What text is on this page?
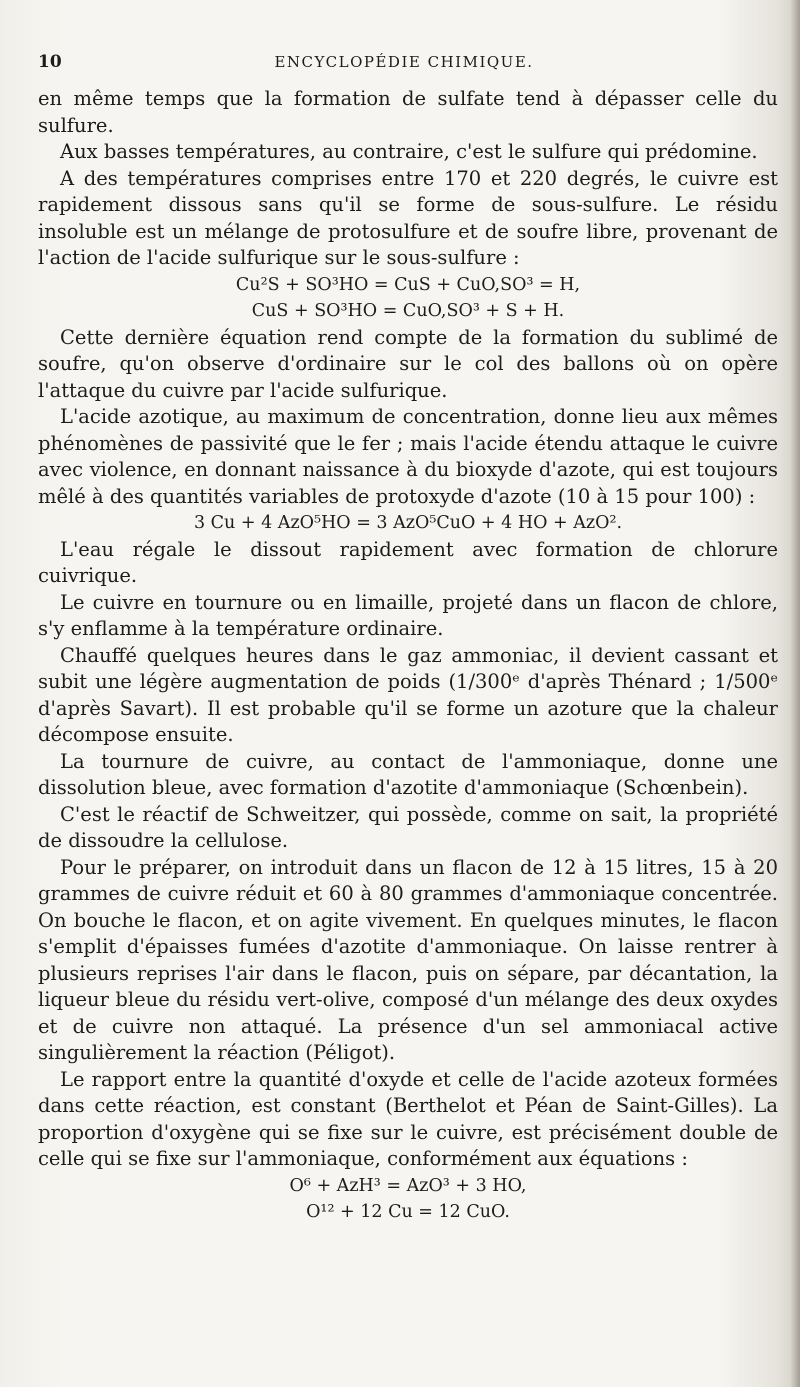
10	ENCYCLOPÉDIE CHIMIQUE.

en même temps que la formation de sulfate tend à dépasser celle du sulfure.

Aux basses températures, au contraire, c'est le sulfure qui prédomine.

A des températures comprises entre 170 et 220 degrés, le cuivre est rapidement dissous sans qu'il se forme de sous-sulfure. Le résidu insoluble est un mélange de protosulfure et de soufre libre, provenant de l'action de l'acide sulfurique sur le sous-sulfure :

Cu²S + SO³HO = CuS + CuO,SO³ = H,
CuS + SO³HO = CuO,SO³ + S + H.

Cette dernière équation rend compte de la formation du sublimé de soufre, qu'on observe d'ordinaire sur le col des ballons où on opère l'attaque du cuivre par l'acide sulfurique.

L'acide azotique, au maximum de concentration, donne lieu aux mêmes phénomènes de passivité que le fer ; mais l'acide étendu attaque le cuivre avec violence, en donnant naissance à du bioxyde d'azote, qui est toujours mêlé à des quantités variables de protoxyde d'azote (10 à 15 pour 100) :

3 Cu + 4 AzO⁵HO = 3 AzO⁵CuO + 4 HO + AzO².

L'eau régale le dissout rapidement avec formation de chlorure cuivrique.

Le cuivre en tournure ou en limaille, projeté dans un flacon de chlore, s'y enflamme à la température ordinaire.

Chauffé quelques heures dans le gaz ammoniac, il devient cassant et subit une légère augmentation de poids (1/300ᵉ d'après Thénard ; 1/500ᵉ d'après Savart). Il est probable qu'il se forme un azoture que la chaleur décompose ensuite.

La tournure de cuivre, au contact de l'ammoniaque, donne une dissolution bleue, avec formation d'azotite d'ammoniaque (Schœnbein).

C'est le réactif de Schweitzer, qui possède, comme on sait, la propriété de dissoudre la cellulose.

Pour le préparer, on introduit dans un flacon de 12 à 15 litres, 15 à 20 grammes de cuivre réduit et 60 à 80 grammes d'ammoniaque concentrée. On bouche le flacon, et on agite vivement. En quelques minutes, le flacon s'emplit d'épaisses fumées d'azotite d'ammoniaque. On laisse rentrer à plusieurs reprises l'air dans le flacon, puis on sépare, par décantation, la liqueur bleue du résidu vert-olive, composé d'un mélange des deux oxydes et de cuivre non attaqué. La présence d'un sel ammoniacal active singulièrement la réaction (Péligot).

Le rapport entre la quantité d'oxyde et celle de l'acide azoteux formées dans cette réaction, est constant (Berthelot et Péan de Saint-Gilles). La proportion d'oxygène qui se fixe sur le cuivre, est précisément double de celle qui se fixe sur l'ammoniaque, conformément aux équations :

O⁶ + AzH³ = AzO³ + 3 HO,
O¹² + 12 Cu = 12 CuO.
